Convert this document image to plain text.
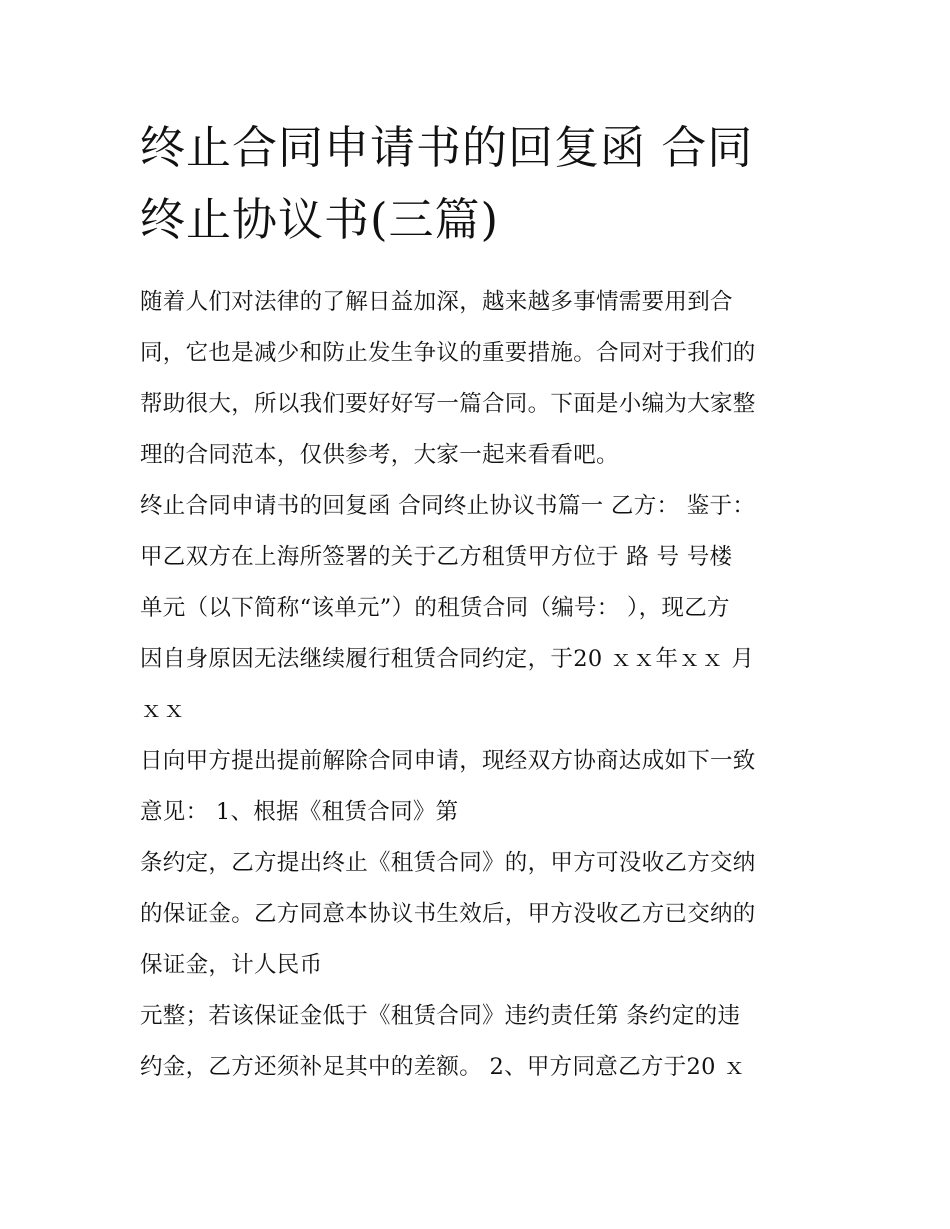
终止合同申请书的回复函 合同
终止协议书(三篇)
随着人们对法律的了解日益加深，越来越多事情需要用到合
同，它也是减少和防止发生争议的重要措施。合同对于我们的
帮助很大，所以我们要好好写一篇合同。下面是小编为大家整
理的合同范本，仅供参考，大家一起来看看吧。
终止合同申请书的回复函 合同终止协议书篇一 乙方： 鉴于：
甲乙双方在上海所签署的关于乙方租赁甲方位于 路 号 号楼
单元（以下简称“该单元”）的租赁合同（编号： ），现乙方
因自身原因无法继续履行租赁合同约定，于20 ｘｘ年ｘｘ 月
ｘｘ
日向甲方提出提前解除合同申请，现经双方协商达成如下一致
意见： 1、根据《租赁合同》第
条约定，乙方提出终止《租赁合同》的，甲方可没收乙方交纳
的保证金。乙方同意本协议书生效后，甲方没收乙方已交纳的
保证金，计人民币
元整；若该保证金低于《租赁合同》违约责任第 条约定的违
约金，乙方还须补足其中的差额。 2、甲方同意乙方于20 ｘ
